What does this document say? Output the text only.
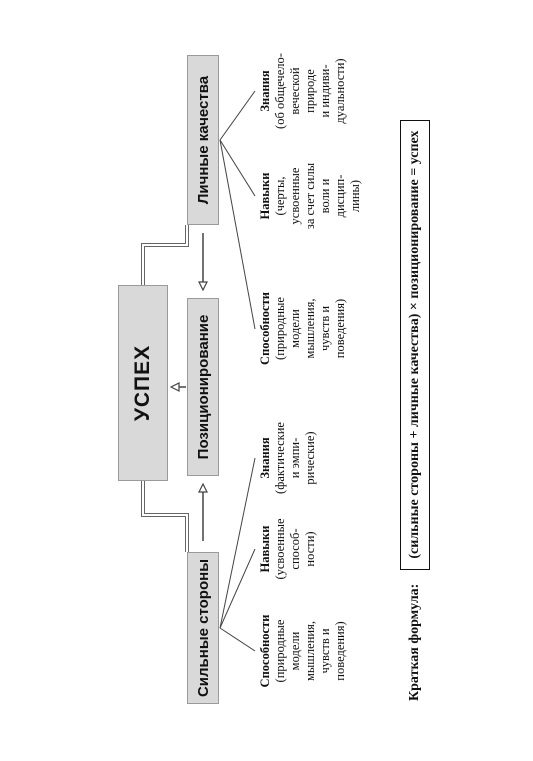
УСПЕХ
Сильные стороны
Позиционирование
Личные качества
Способности (природные
модели
мышления,
чувств и
поведения)
Навыки (усвоенные
способ-
ности)
Знания (фактические
и эмпи-
рические)
Способности (природные
модели
мышления,
чувств и
поведения)
Навыки (черты,
усвоенные
за счет силы
воли и
дисцип-
лины)
Знания
(об общечело-
веческой
природе
и индиви-
дуальности)
Краткая формула:
(сильные стороны + личные качества) × позиционирование = успех
